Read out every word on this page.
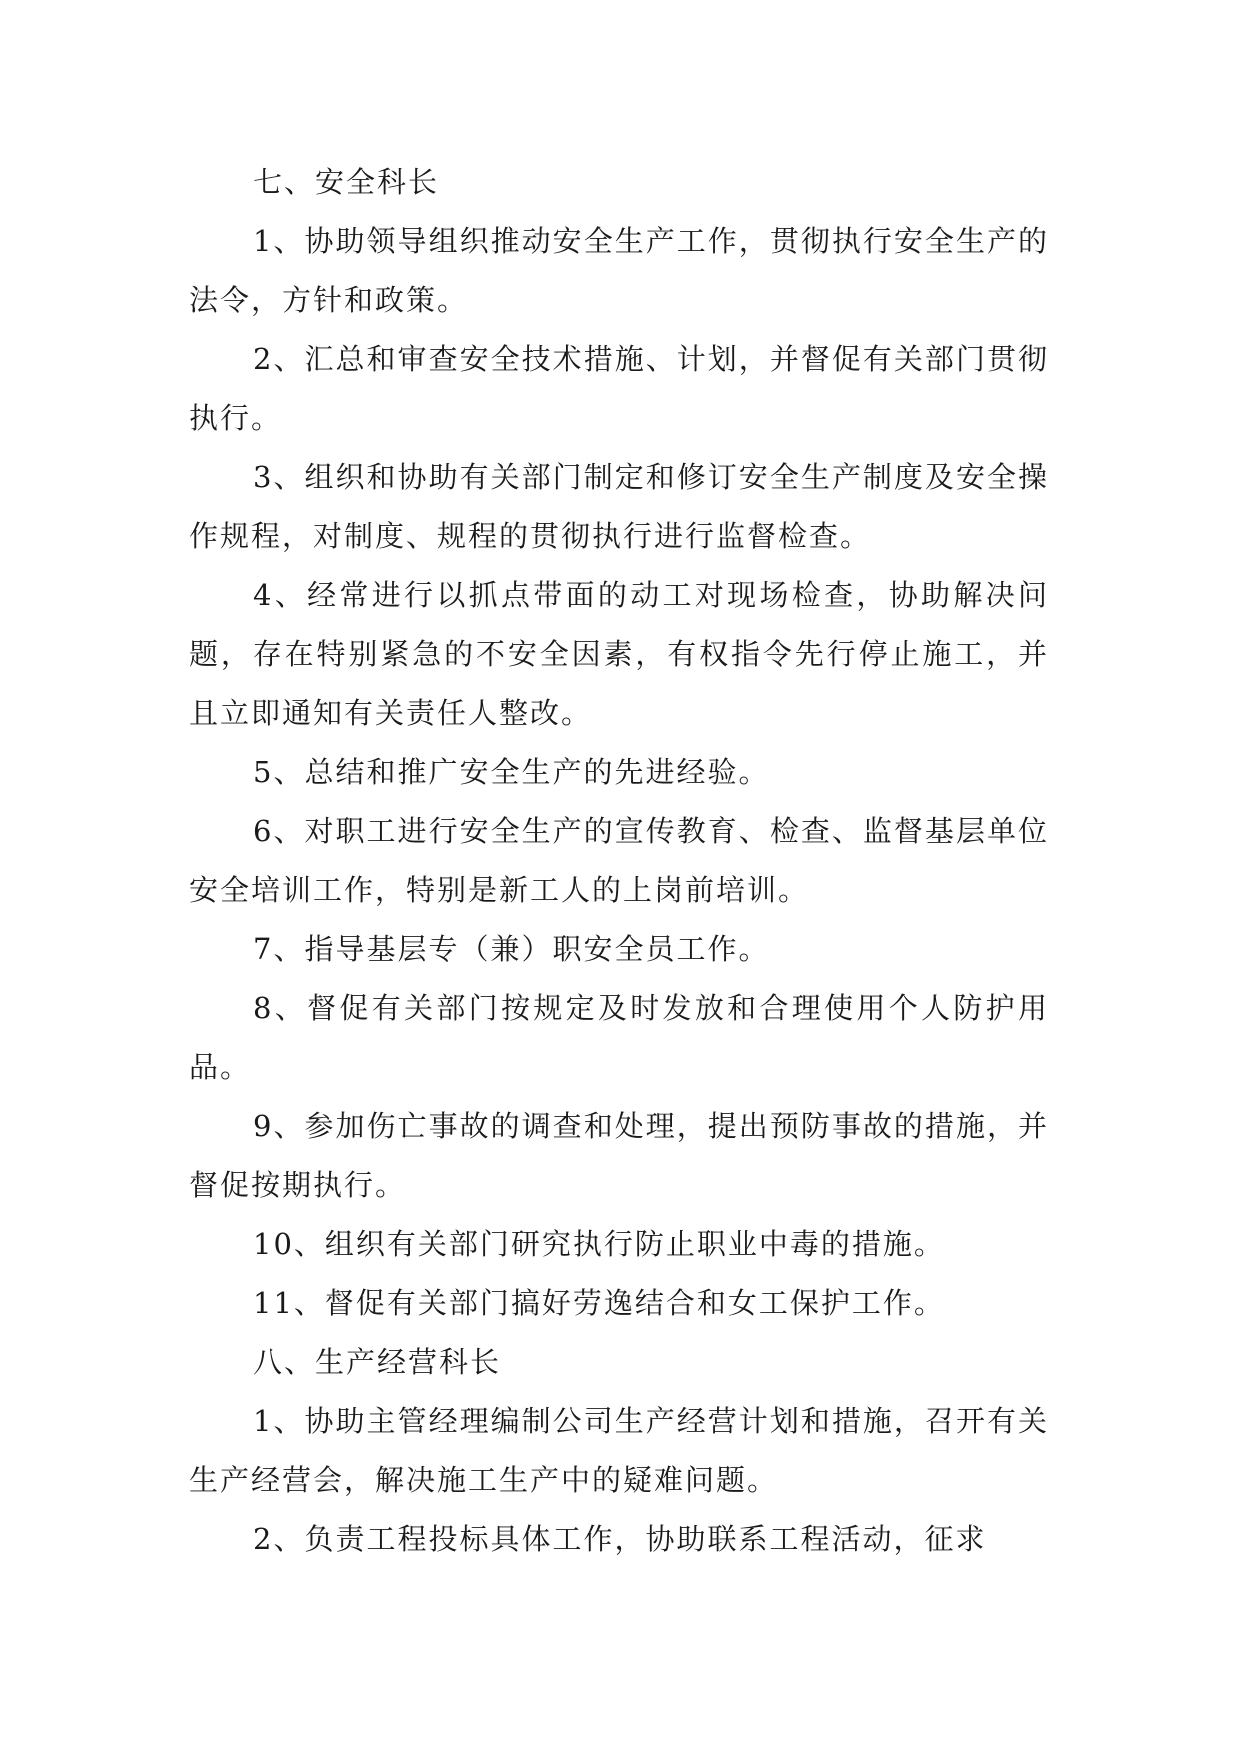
七、安全科长

1、协助领导组织推动安全生产工作，贯彻执行安全生产的法令，方针和政策。

2、汇总和审查安全技术措施、计划，并督促有关部门贯彻执行。

3、组织和协助有关部门制定和修订安全生产制度及安全操作规程，对制度、规程的贯彻执行进行监督检查。

4、经常进行以抓点带面的动工对现场检查，协助解决问题，存在特别紧急的不安全因素，有权指令先行停止施工，并且立即通知有关责任人整改。

5、总结和推广安全生产的先进经验。

6、对职工进行安全生产的宣传教育、检查、监督基层单位安全培训工作，特别是新工人的上岗前培训。

7、指导基层专（兼）职安全员工作。

8、督促有关部门按规定及时发放和合理使用个人防护用品。

9、参加伤亡事故的调查和处理，提出预防事故的措施，并督促按期执行。

10、组织有关部门研究执行防止职业中毒的措施。

11、督促有关部门搞好劳逸结合和女工保护工作。

八、生产经营科长

1、协助主管经理编制公司生产经营计划和措施，召开有关生产经营会，解决施工生产中的疑难问题。

2、负责工程投标具体工作，协助联系工程活动，征求
